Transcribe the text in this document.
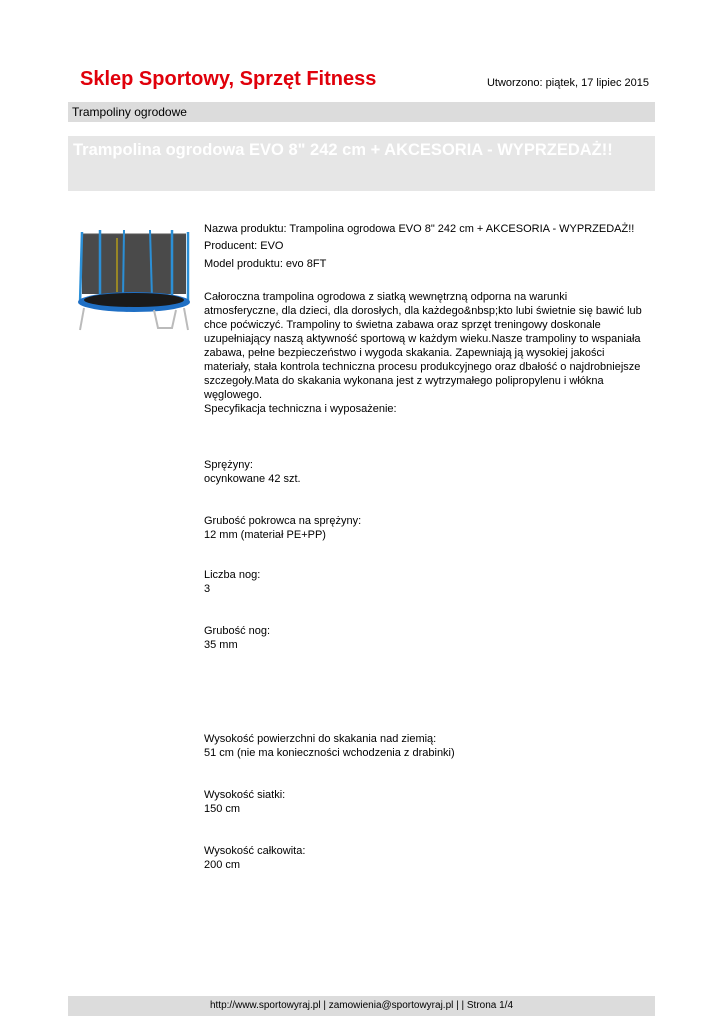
Sklep Sportowy, Sprzęt Fitness	Utworzono: piątek, 17 lipiec 2015
Trampoliny ogrodowe
Trampolina ogrodowa EVO 8" 242 cm + AKCESORIA - WYPRZEDAŻ!!
Nazwa produktu: Trampolina ogrodowa EVO 8" 242 cm + AKCESORIA - WYPRZEDAŻ!!
Producent: EVO
Model produktu: evo 8FT
Całoroczna trampolina ogrodowa z siatką wewnętrzną odporna na warunki atmosferyczne, dla dzieci, dla dorosłych, dla każdego&nbsp;kto lubi świetnie się bawić lub chce poćwiczyć. Trampoliny to świetna zabawa oraz sprzęt treningowy doskonale uzupełniający naszą aktywność sportową w każdym wieku.Nasze trampoliny to wspaniała zabawa, pełne bezpieczeństwo i wygoda skakania. Zapewniają ją wysokiej jakości materiały, stała kontrola techniczna procesu produkcyjnego oraz dbałość o najdrobniejsze szczegoły.Mata do skakania wykonana jest z wytrzymałego polipropylenu i włókna węglowego.
Specyfikacja techniczna i wyposażenie:
Sprężyny:
ocynkowane 42 szt.
Grubość pokrowca na sprężyny:
12 mm (materiał PE+PP)
Liczba nog:
3
Grubość nog:
35 mm
Wysokość powierzchni do skakania nad ziemią:
51 cm (nie ma konieczności wchodzenia z drabinki)
Wysokość siatki:
150 cm
Wysokość całkowita:
200 cm
http://www.sportowyraj.pl | zamowienia@sportowyraj.pl | | Strona 1/4
